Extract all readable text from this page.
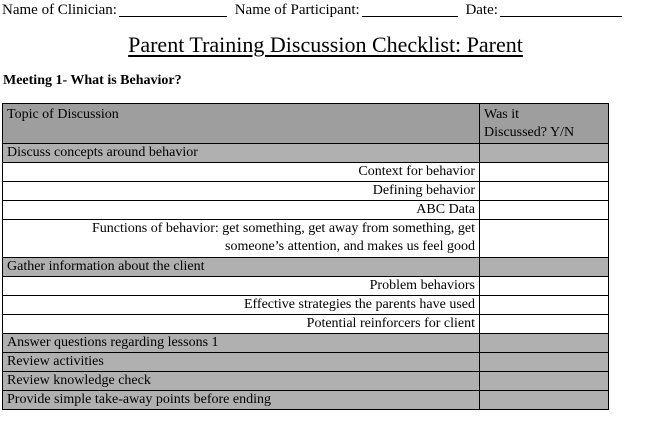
Name of Clinician:	Name of Participant:	Date:
Parent Training Discussion Checklist: Parent
Meeting 1- What is Behavior?
Topic of Discussion	Was it
Discussed? Y/N
Discuss concepts around behavior	
Context for behavior	
Defining behavior	
ABC Data	
Functions of behavior: get something, get away from something, get
someone’s attention, and makes us feel good	
Gather information about the client	
Problem behaviors	
Effective strategies the parents have used	
Potential reinforcers for client	
Answer questions regarding lessons 1	
Review activities	
Review knowledge check	
Provide simple take-away points before ending	
